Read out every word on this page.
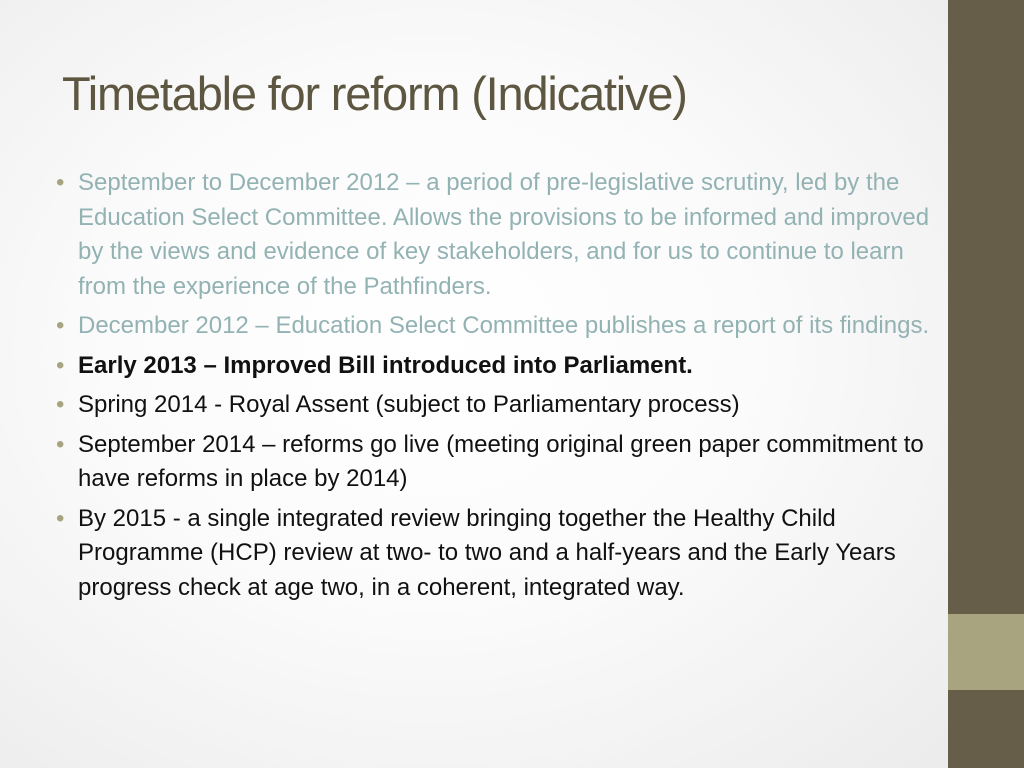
Timetable for reform (Indicative)
• September to December 2012 – a period of pre-legislative scrutiny, led by the Education Select Committee. Allows the provisions to be informed and improved by the views and evidence of key stakeholders, and for us to continue to learn from the experience of the Pathfinders.
• December 2012 – Education Select Committee publishes a report of its findings.
• Early 2013 – Improved Bill introduced into Parliament.
• Spring 2014 - Royal Assent (subject to Parliamentary process)
• September 2014 – reforms go live (meeting original green paper commitment to have reforms in place by 2014)
• By 2015 - a single integrated review bringing together the Healthy Child Programme (HCP) review at two- to two and a half-years and the Early Years progress check at age two, in a coherent, integrated way.
